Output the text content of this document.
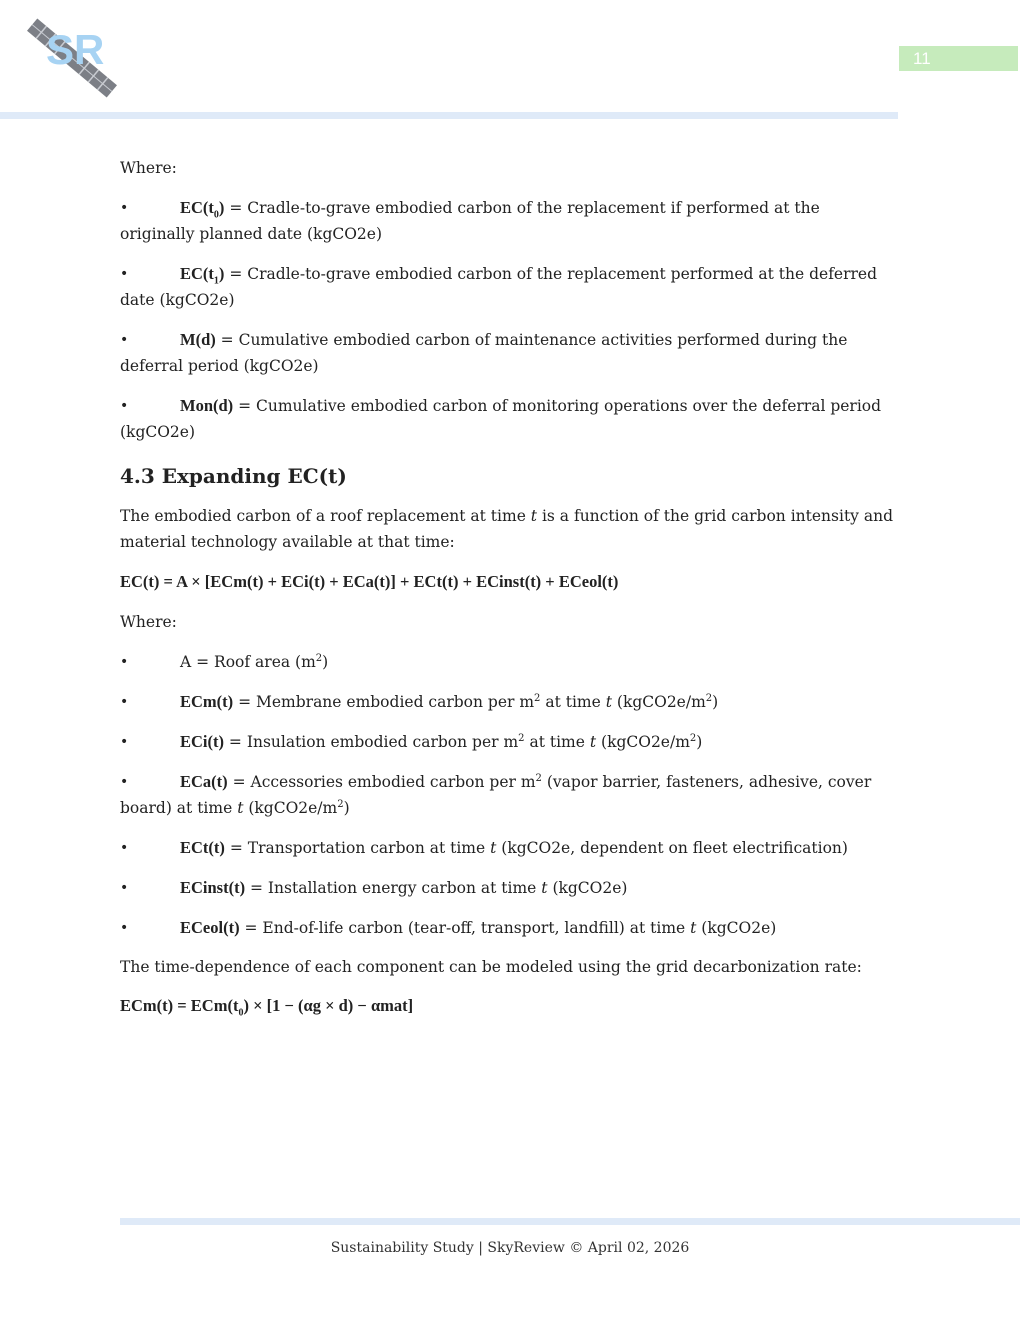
SR	11

Where:

•	$EC(t_0)$ = Cradle-to-grave embodied carbon of the replacement if performed at the originally planned date (kgCO2e)

•	$EC(t_1)$ = Cradle-to-grave embodied carbon of the replacement performed at the deferred date (kgCO2e)

•	M(d) = Cumulative embodied carbon of maintenance activities performed during the deferral period (kgCO2e)

•	Mon(d) = Cumulative embodied carbon of monitoring operations over the deferral period (kgCO2e)

4.3 Expanding EC(t)

The embodied carbon of a roof replacement at time t is a function of the grid carbon intensity and material technology available at that time:

EC(t) = A × [ECm(t) + ECi(t) + ECa(t)] + ECt(t) + ECinst(t) + ECeol(t)

Where:

•	A = Roof area $(m^2)$

•	ECm(t) = Membrane embodied carbon per $m^2$ at time t $(kgCO2e/m^2)$

•	ECi(t) = Insulation embodied carbon per $m^2$ at time t $(kgCO2e/m^2)$

•	ECa(t) = Accessories embodied carbon per $m^2$ (vapor barrier, fasteners, adhesive, cover board) at time t $(kgCO2e/m^2)$

•	ECt(t) = Transportation carbon at time t (kgCO2e, dependent on fleet electrification)

•	ECinst(t) = Installation energy carbon at time t (kgCO2e)

•	ECeol(t) = End-of-life carbon (tear-off, transport, landfill) at time t (kgCO2e)

The time-dependence of each component can be modeled using the grid decarbonization rate:

$ECm(t) = ECm(t_0) \times [1 - (\alpha g \times d) - \alpha mat]$

Sustainability Study | SkyReview © April 02, 2026
